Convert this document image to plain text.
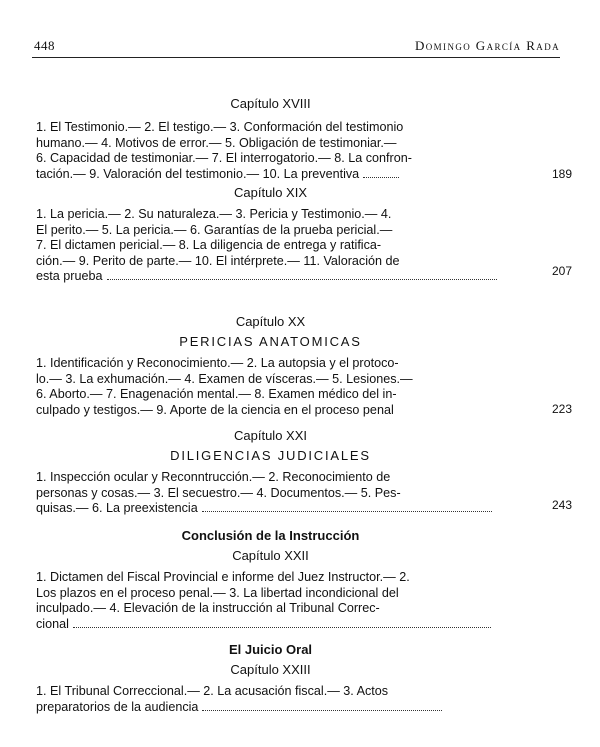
448	Domingo García Rada
Capítulo XVIII
1. El Testimonio.— 2. El testigo.— 3. Conformación del testimonio
humano.— 4. Motivos de error.— 5. Obligación de testimoniar.—
6. Capacidad de testimoniar.— 7. El interrogatorio.— 8. La confron-
tación.— 9. Valoración del testimonio.— 10. La preventiva	189
Capítulo XIX
1. La pericia.— 2. Su naturaleza.— 3. Pericia y Testimonio.— 4.
El perito.— 5. La pericia.— 6. Garantías de la prueba pericial.—
7. El dictamen pericial.— 8. La diligencia de entrega y ratifica-
ción.— 9. Perito de parte.— 10. El intérprete.— 11. Valoración de
esta prueba	207
Capítulo XX
PERICIAS ANATOMICAS
1. Identificación y Reconocimiento.— 2. La autopsia y el protoco-
lo.— 3. La exhumación.— 4. Examen de vísceras.— 5. Lesiones.—
6. Aborto.— 7. Enagenación mental.— 8. Examen médico del in-
culpado y testigos.— 9. Aporte de la ciencia en el proceso penal	223
Capítulo XXI
DILIGENCIAS JUDICIALES
1. Inspección ocular y Reconntrucción.— 2. Reconocimiento de
personas y cosas.— 3. El secuestro.— 4. Documentos.— 5. Pes-
quisas.— 6. La preexistencia	243
Conclusión de la Instrucción
Capítulo XXII
1. Dictamen del Fiscal Provincial e informe del Juez Instructor.— 2.
Los plazos en el proceso penal.— 3. La libertad incondicional del
inculpado.— 4. Elevación de la instrucción al Tribunal Correc-
cional
El Juicio Oral
Capítulo XXIII
1. El Tribunal Correccional.— 2. La acusación fiscal.— 3. Actos
preparatorios de la audiencia
